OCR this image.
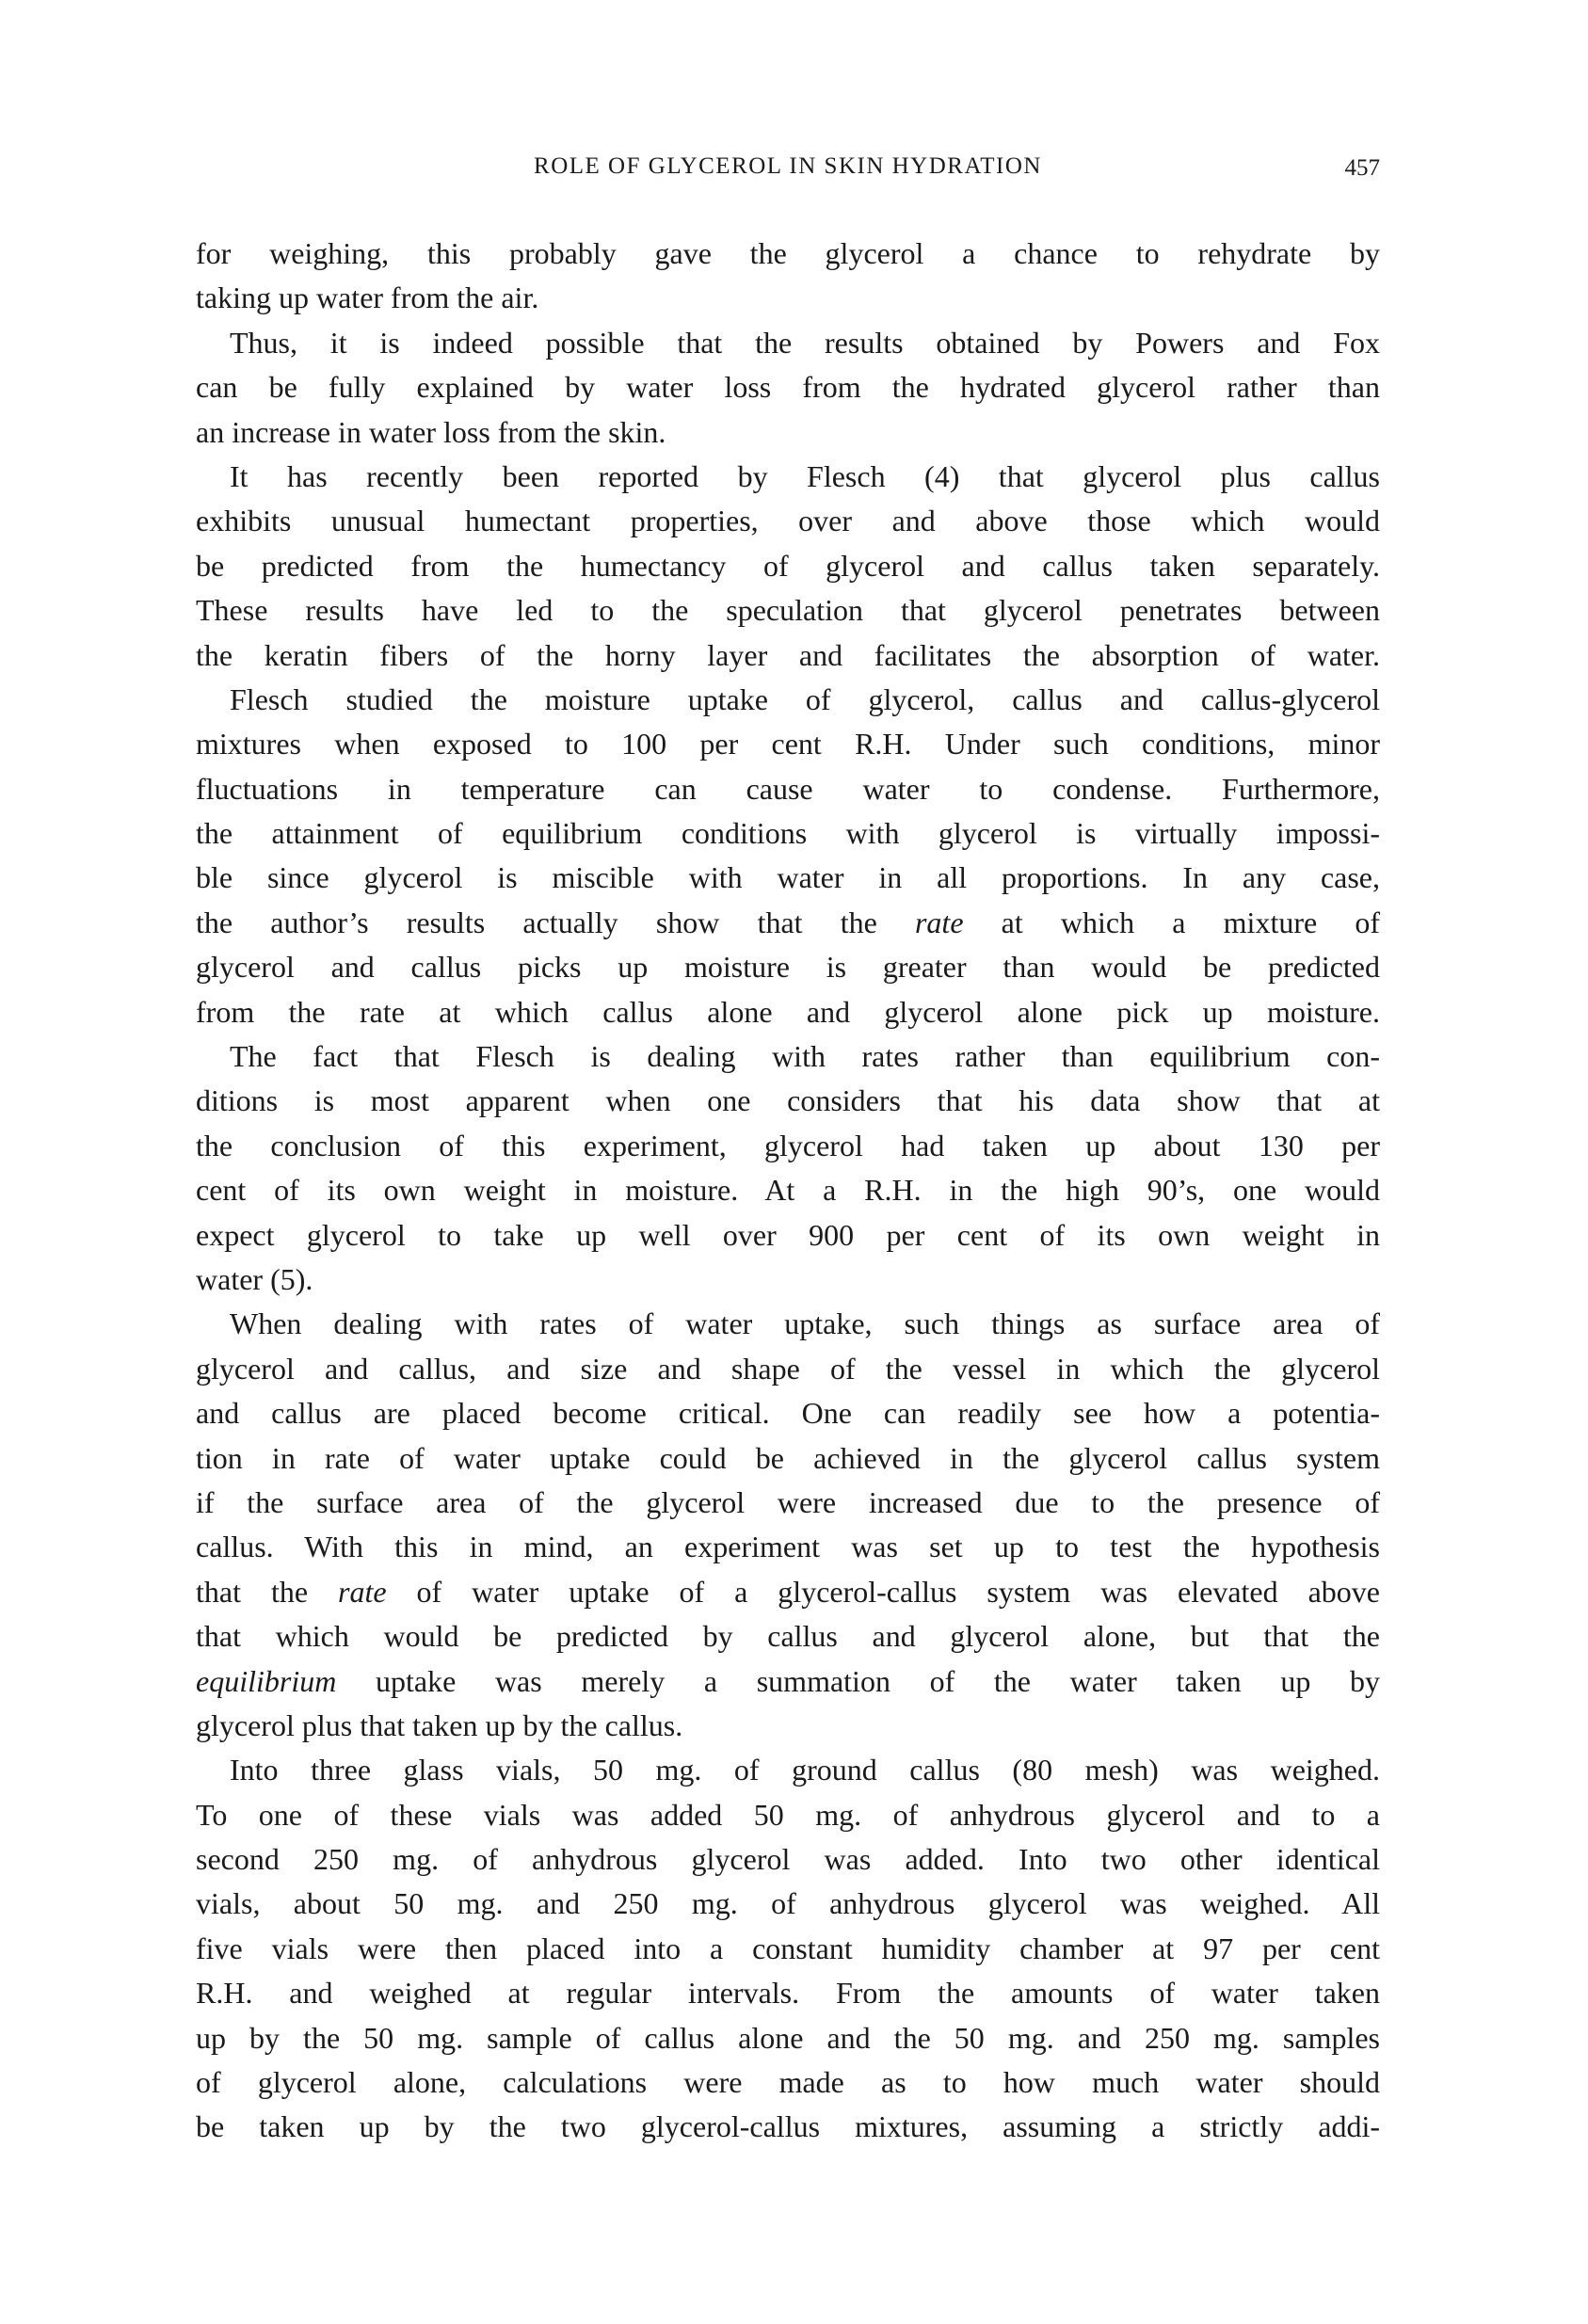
ROLE OF GLYCEROL IN SKIN HYDRATION	457
for weighing, this probably gave the glycerol a chance to rehydrate by
taking up water from the air.
Thus, it is indeed possible that the results obtained by Powers and Fox
can be fully explained by water loss from the hydrated glycerol rather than
an increase in water loss from the skin.
It has recently been reported by Flesch (4) that glycerol plus callus
exhibits unusual humectant properties, over and above those which would
be predicted from the humectancy of glycerol and callus taken separately.
These results have led to the speculation that glycerol penetrates between
the keratin fibers of the horny layer and facilitates the absorption of water.
Flesch studied the moisture uptake of glycerol, callus and callus-glycerol
mixtures when exposed to 100 per cent R.H. Under such conditions, minor
fluctuations in temperature can cause water to condense. Furthermore,
the attainment of equilibrium conditions with glycerol is virtually impossi-
ble since glycerol is miscible with water in all proportions. In any case,
the author’s results actually show that the rate at which a mixture of
glycerol and callus picks up moisture is greater than would be predicted
from the rate at which callus alone and glycerol alone pick up moisture.
The fact that Flesch is dealing with rates rather than equilibrium con-
ditions is most apparent when one considers that his data show that at
the conclusion of this experiment, glycerol had taken up about 130 per
cent of its own weight in moisture. At a R.H. in the high 90’s, one would
expect glycerol to take up well over 900 per cent of its own weight in
water (5).
When dealing with rates of water uptake, such things as surface area of
glycerol and callus, and size and shape of the vessel in which the glycerol
and callus are placed become critical. One can readily see how a potentia-
tion in rate of water uptake could be achieved in the glycerol callus system
if the surface area of the glycerol were increased due to the presence of
callus. With this in mind, an experiment was set up to test the hypothesis
that the rate of water uptake of a glycerol-callus system was elevated above
that which would be predicted by callus and glycerol alone, but that the
equilibrium uptake was merely a summation of the water taken up by
glycerol plus that taken up by the callus.
Into three glass vials, 50 mg. of ground callus (80 mesh) was weighed.
To one of these vials was added 50 mg. of anhydrous glycerol and to a
second 250 mg. of anhydrous glycerol was added. Into two other identical
vials, about 50 mg. and 250 mg. of anhydrous glycerol was weighed. All
five vials were then placed into a constant humidity chamber at 97 per cent
R.H. and weighed at regular intervals. From the amounts of water taken
up by the 50 mg. sample of callus alone and the 50 mg. and 250 mg. samples
of glycerol alone, calculations were made as to how much water should
be taken up by the two glycerol-callus mixtures, assuming a strictly addi-
